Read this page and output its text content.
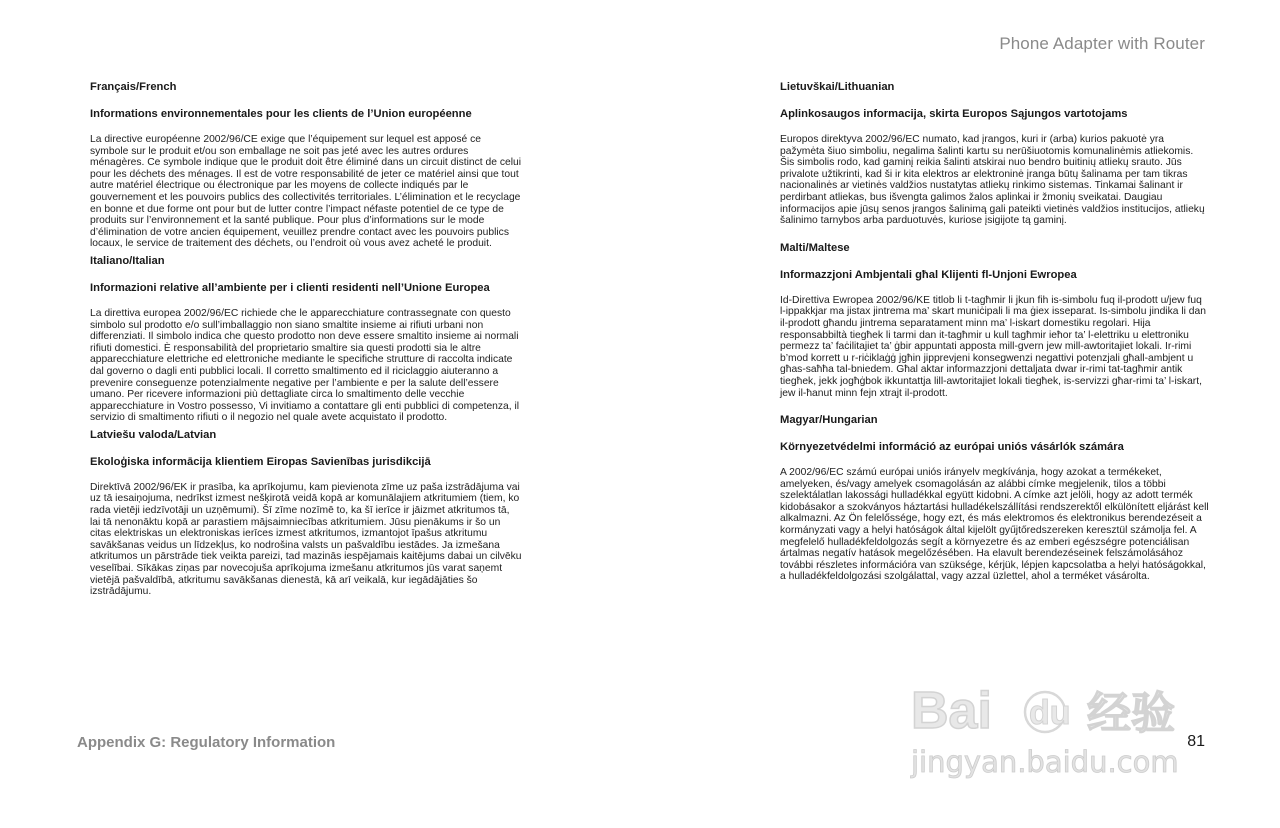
Phone Adapter with Router

Français/French

Informations environnementales pour les clients de l’Union européenne

La directive européenne 2002/96/CE exige que l’équipement sur lequel est apposé ce symbole sur le produit et/ou son emballage ne soit pas jeté avec les autres ordures ménagères. Ce symbole indique que le produit doit être éliminé dans un circuit distinct de celui pour les déchets des ménages. Il est de votre responsabilité de jeter ce matériel ainsi que tout autre matériel électrique ou électronique par les moyens de collecte indiqués par le gouvernement et les pouvoirs publics des collectivités territoriales. L’élimination et le recyclage en bonne et due forme ont pour but de lutter contre l’impact néfaste potentiel de ce type de produits sur l’environnement et la santé publique. Pour plus d’informations sur le mode d’élimination de votre ancien équipement, veuillez prendre contact avec les pouvoirs publics locaux, le service de traitement des déchets, ou l’endroit où vous avez acheté le produit.

Italiano/Italian

Informazioni relative all’ambiente per i clienti residenti nell’Unione Europea

La direttiva europea 2002/96/EC richiede che le apparecchiature contrassegnate con questo simbolo sul prodotto e/o sull’imballaggio non siano smaltite insieme ai rifiuti urbani non differenziati. Il simbolo indica che questo prodotto non deve essere smaltito insieme ai normali rifiuti domestici. È responsabilità del proprietario smaltire sia questi prodotti sia le altre apparecchiature elettriche ed elettroniche mediante le specifiche strutture di raccolta indicate dal governo o dagli enti pubblici locali. Il corretto smaltimento ed il riciclaggio aiuteranno a prevenire conseguenze potenzialmente negative per l’ambiente e per la salute dell’essere umano. Per ricevere informazioni più dettagliate circa lo smaltimento delle vecchie apparecchiature in Vostro possesso, Vi invitiamo a contattare gli enti pubblici di competenza, il servizio di smaltimento rifiuti o il negozio nel quale avete acquistato il prodotto.

Latviešu valoda/Latvian

Ekoloģiska informācija klientiem Eiropas Savienības jurisdikcijā

Direktīvā 2002/96/EK ir prasība, ka aprīkojumu, kam pievienota zīme uz paša izstrādājuma vai uz tā iesaiņojuma, nedrīkst izmest nešķirotā veidā kopā ar komunālajiem atkritumiem (tiem, ko rada vietēji iedzīvotāji un uzņēmumi). Šī zīme nozīmē to, ka šī ierīce ir jāizmet atkritumos tā, lai tā nenonāktu kopā ar parastiem mājsaimniecības atkritumiem. Jūsu pienākums ir šo un citas elektriskas un elektroniskas ierīces izmest atkritumos, izmantojot īpašus atkritumu savākšanas veidus un līdzekļus, ko nodrošina valsts un pašvaldību iestādes. Ja izmešana atkritumos un pārstrāde tiek veikta pareizi, tad mazinās iespējamais kaitējums dabai un cilvēku veselībai. Sīkākas ziņas par novecojuša aprīkojuma izmešanu atkritumos jūs varat saņemt vietējā pašvaldībā, atkritumu savākšanas dienestā, kā arī veikalā, kur iegādājāties šo izstrādājumu.

Lietuvškai/Lithuanian

Aplinkosaugos informacija, skirta Europos Sąjungos vartotojams

Europos direktyva 2002/96/EC numato, kad įrangos, kuri ir (arba) kurios pakuotė yra pažymėta šiuo simboliu, negalima šalinti kartu su nerūšiuotomis komunalinėmis atliekomis. Šis simbolis rodo, kad gaminį reikia šalinti atskirai nuo bendro buitinių atliekų srauto. Jūs privalote užtikrinti, kad ši ir kita elektros ar elektroninė įranga būtų šalinama per tam tikras nacionalinės ar vietinės valdžios nustatytas atliekų rinkimo sistemas. Tinkamai šalinant ir perdirbant atliekas, bus išvengta galimos žalos aplinkai ir žmonių sveikatai. Daugiau informacijos apie jūsų senos įrangos šalinimą gali pateikti vietinės valdžios institucijos, atliekų šalinimo tarnybos arba parduotuvės, kuriose įsigijote tą gaminį.

Malti/Maltese

Informazzjoni Ambjentali għal Klijenti fl-Unjoni Ewropea

Id-Direttiva Ewropea 2002/96/KE titlob li t-tagħmir li jkun fih is-simbolu fuq il-prodott u/jew fuq l-ippakkjar ma jistax jintrema ma’ skart muniċipali li ma ġiex isseparat. Is-simbolu jindika li dan il-prodott għandu jintrema separatament minn ma’ l-iskart domestiku regolari. Hija responsabbiltà tiegħek li tarmi dan it-tagħmir u kull tagħmir ieħor ta’ l-elettriku u elettroniku permezz ta’ faċilitajiet ta’ ġbir appuntati apposta mill-gvern jew mill-awtoritajiet lokali. Ir-rimi b’mod korrett u r-riċiklaġġ jgħin jipprevjeni konsegwenzi negattivi potenzjali għall-ambjent u għas-saħħa tal-bniedem. Għal aktar informazzjoni dettaljata dwar ir-rimi tat-tagħmir antik tiegħek, jekk jogħġbok ikkuntattja lill-awtoritajiet lokali tiegħek, is-servizzi għar-rimi ta’ l-iskart, jew il-ħanut minn fejn xtrajt il-prodott.

Magyar/Hungarian

Környezetvédelmi információ az európai uniós vásárlók számára

A 2002/96/EC számú európai uniós irányelv megkívánja, hogy azokat a termékeket, amelyeken, és/vagy amelyek csomagolásán az alábbi címke megjelenik, tilos a többi szelektálatlan lakossági hulladékkal együtt kidobni. A címke azt jelöli, hogy az adott termék kidobásakor a szokványos háztartási hulladékelszállítási rendszerektől elkülönített eljárást kell alkalmazni. Az Ön felelőssége, hogy ezt, és más elektromos és elektronikus berendezéseit a kormányzati vagy a helyi hatóságok által kijelölt gyűjtőredszereken keresztül számolja fel. A megfelelő hulladékfeldolgozás segít a környezetre és az emberi egészségre potenciálisan ártalmas negatív hatások megelőzésében. Ha elavult berendezéseinek felszámolásához további részletes információra van szüksége, kérjük, lépjen kapcsolatba a helyi hatóságokkal, a hulladékfeldolgozási szolgálattal, vagy azzal üzlettel, ahol a terméket vásárolta.

Appendix G: Regulatory Information	81
Bai du 经验
jingyan.baidu.com
